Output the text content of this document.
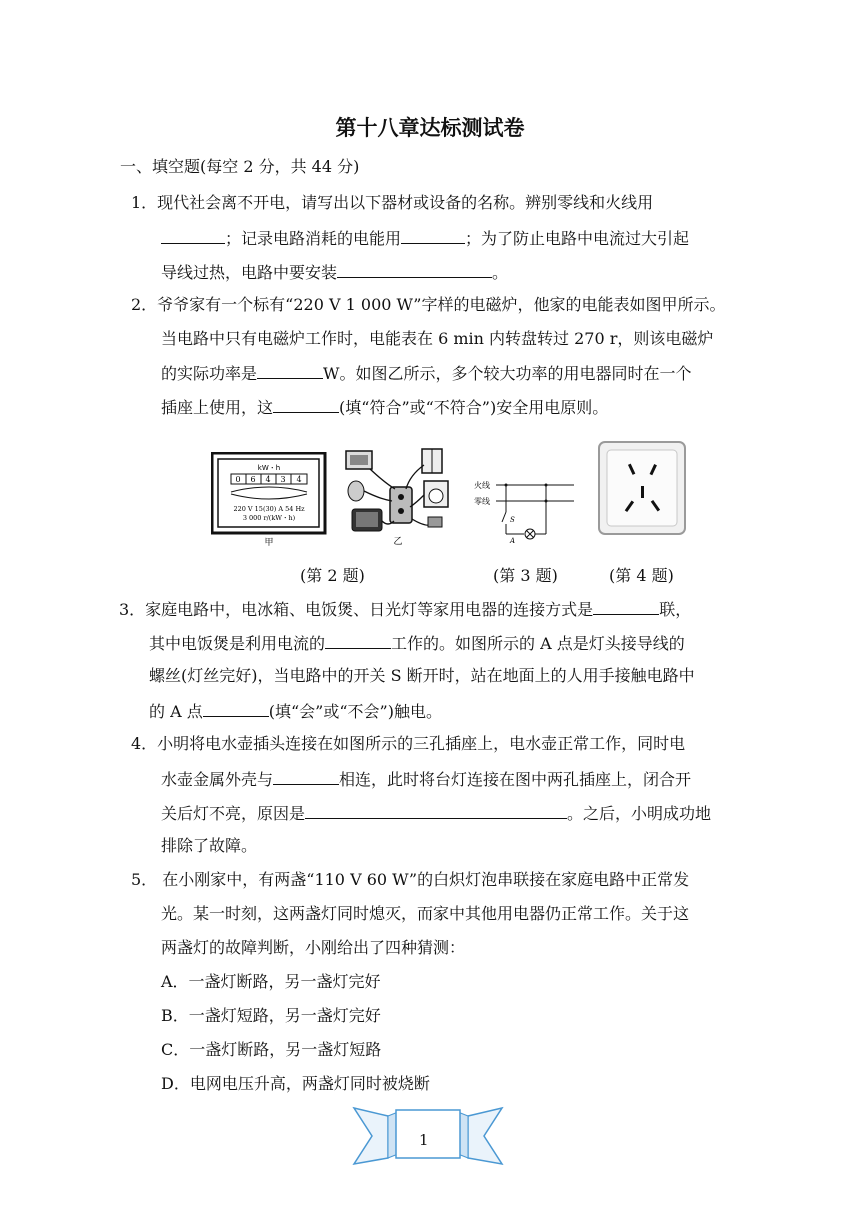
第十八章达标测试卷
一、填空题(每空 2 分，共 44 分)
1．现代社会离不开电，请写出以下器材或设备的名称。辨别零线和火线用
；记录电路消耗的电能用	；为了防止电路中电流过大引起
导线过热，电路中要安装	。
2．爷爷家有一个标有“220 V 1 000 W”字样的电磁炉，他家的电能表如图甲所示。
当电路中只有电磁炉工作时，电能表在 6 min 内转盘转过 270 r，则该电磁炉
的实际功率是	W。如图乙所示，多个较大功率的用电器同时在一个
插座上使用，这	(填“符合”或“不符合”)安全用电原则。
kW・h
0 6 4 3 4
220 V 15(30) A 54 Hz
3 000 r/(kW・h)
甲	乙
火线
零线
S
A
(第 2 题)	(第 3 题)	(第 4 题)
3．家庭电路中，电冰箱、电饭煲、日光灯等家用电器的连接方式是	联，
其中电饭煲是利用电流的	工作的。如图所示的 A 点是灯头接导线的
螺丝(灯丝完好)，当电路中的开关 S 断开时，站在地面上的人用手接触电路中
的 A 点	(填“会”或“不会”)触电。
4．小明将电水壶插头连接在如图所示的三孔插座上，电水壶正常工作，同时电
水壶金属外壳与	相连，此时将台灯连接在图中两孔插座上，闭合开
关后灯不亮，原因是	。之后，小明成功地
排除了故障。
5． 在小刚家中，有两盏“110 V 60 W”的白炽灯泡串联接在家庭电路中正常发
光。某一时刻，这两盏灯同时熄灭，而家中其他用电器仍正常工作。关于这
两盏灯的故障判断，小刚给出了四种猜测：
A．一盏灯断路，另一盏灯完好
B．一盏灯短路，另一盏灯完好
C．一盏灯断路，另一盏灯短路
D．电网电压升高，两盏灯同时被烧断
1
